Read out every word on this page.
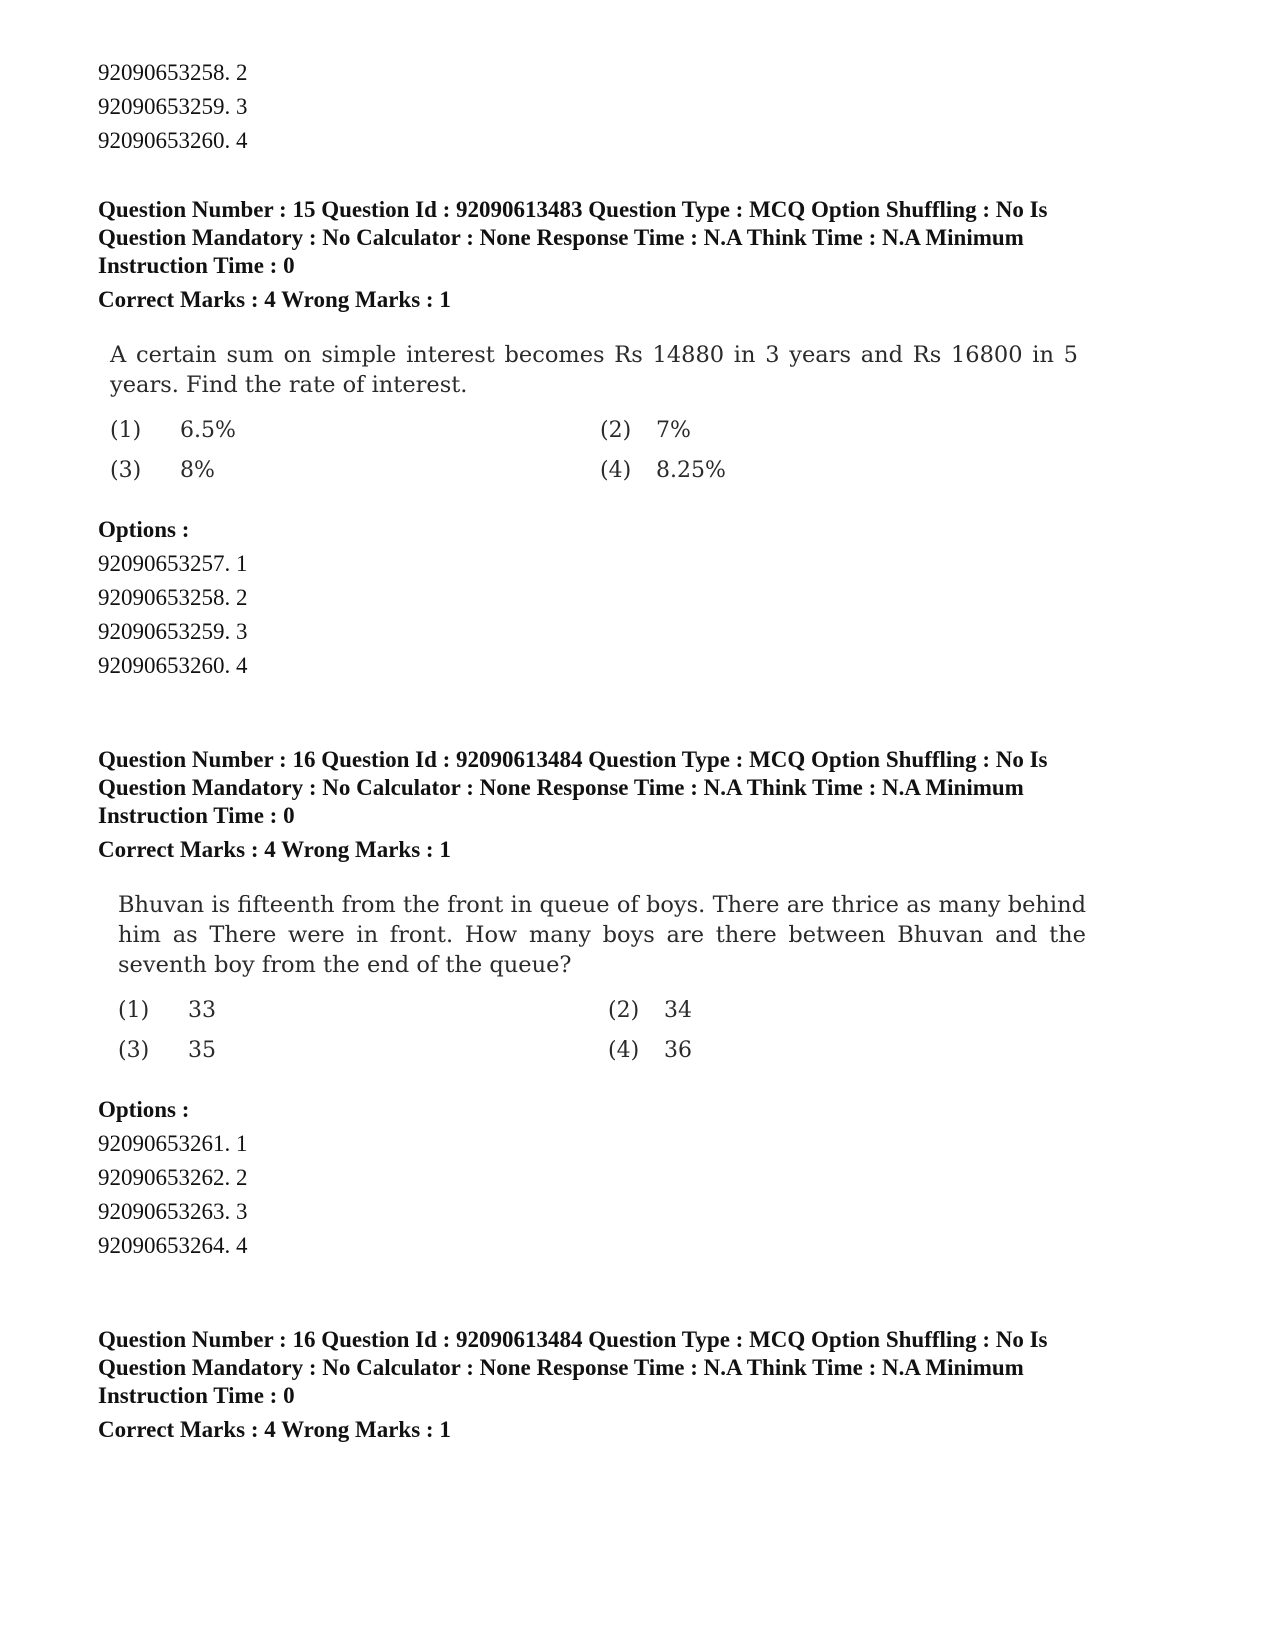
92090653258. 2
92090653259. 3
92090653260. 4
Question Number : 15 Question Id : 92090613483 Question Type : MCQ Option Shuffling : No Is Question Mandatory : No Calculator : None Response Time : N.A Think Time : N.A Minimum Instruction Time : 0
Correct Marks : 4 Wrong Marks : 1
A certain sum on simple interest becomes Rs 14880 in 3 years and Rs 16800 in 5 years. Find the rate of interest.
(1)	6.5%	(2)	7%
(3)	8%	(4)	8.25%
Options :
92090653257. 1
92090653258. 2
92090653259. 3
92090653260. 4
Question Number : 16 Question Id : 92090613484 Question Type : MCQ Option Shuffling : No Is Question Mandatory : No Calculator : None Response Time : N.A Think Time : N.A Minimum Instruction Time : 0
Correct Marks : 4 Wrong Marks : 1
Bhuvan is fifteenth from the front in queue of boys. There are thrice as many behind him as There were in front. How many boys are there between Bhuvan and the seventh boy from the end of the queue?
(1)	33	(2)	34
(3)	35	(4)	36
Options :
92090653261. 1
92090653262. 2
92090653263. 3
92090653264. 4
Question Number : 16 Question Id : 92090613484 Question Type : MCQ Option Shuffling : No Is Question Mandatory : No Calculator : None Response Time : N.A Think Time : N.A Minimum Instruction Time : 0
Correct Marks : 4 Wrong Marks : 1
